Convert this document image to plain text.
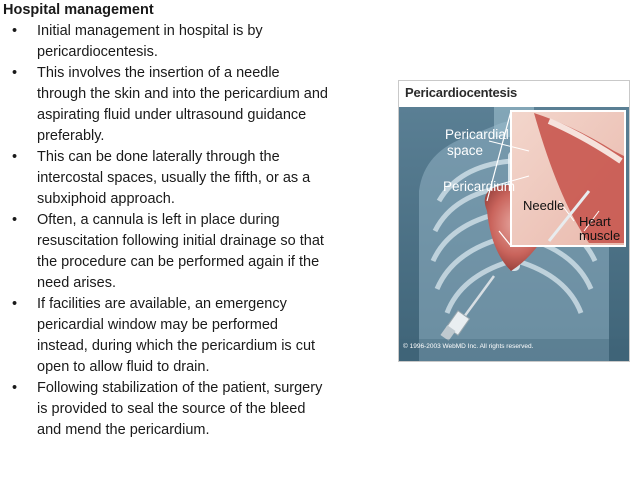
Hospital management

• Initial management in hospital is by
pericardiocentesis.
• This involves the insertion of a needle
through the skin and into the pericardium and
aspirating fluid under ultrasound guidance
preferably.
• This can be done laterally through the
intercostal spaces, usually the fifth, or as a
subxiphoid approach.
• Often, a cannula is left in place during
resuscitation following initial drainage so that
the procedure can be performed again if the
need arises.
• If facilities are available, an emergency
pericardial window may be performed
instead, during which the pericardium is cut
open to allow fluid to drain.
• Following stabilization of the patient, surgery
is provided to seal the source of the bleed
and mend the pericardium.
Pericardiocentesis
Pericardial
space
Pericardium
Needle
Heart
muscle
© 1996-2003 WebMD Inc. All rights reserved.
